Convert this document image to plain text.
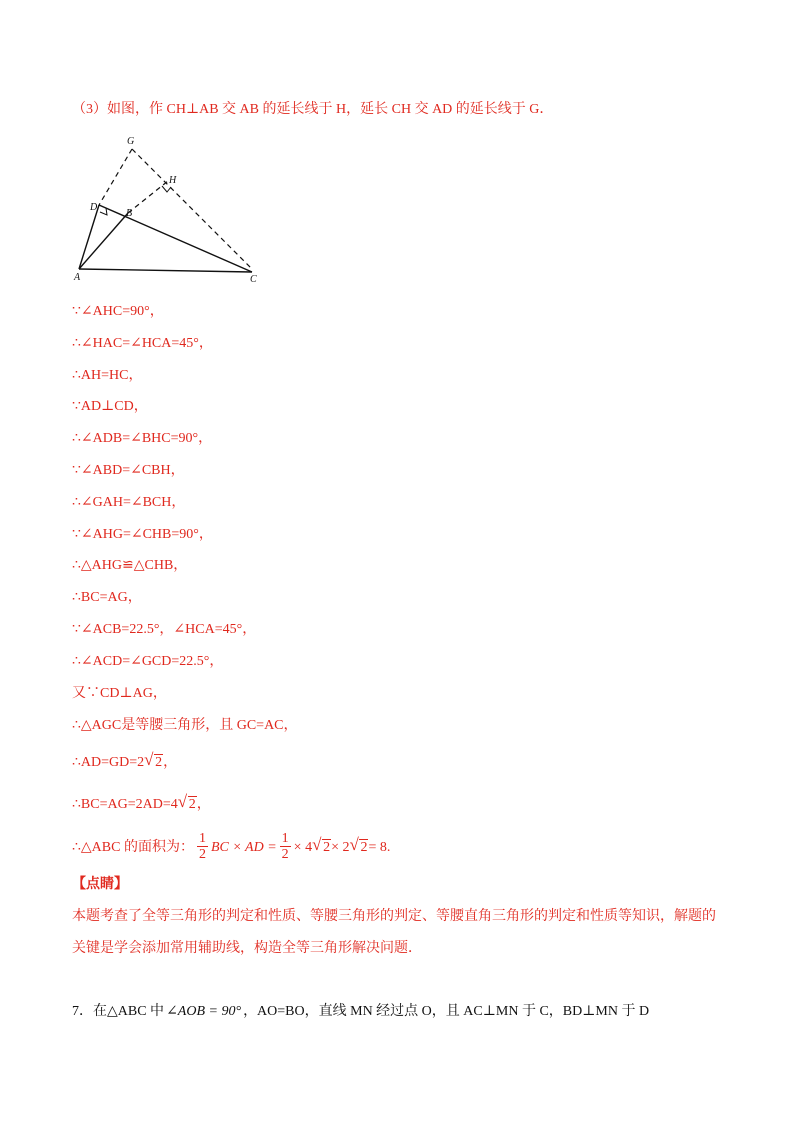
（3）如图，作 CH⊥AB 交 AB 的延长线于 H，延长 CH 交 AD 的延长线于 G．
G
H
D
B
A	C
∵∠AHC=90°，
∴∠HAC=∠HCA=45°，
∴AH=HC，
∵AD⊥CD，
∴∠ADB=∠BHC=90°，
∵∠ABD=∠CBH，
∴∠GAH=∠BCH，
∵∠AHG=∠CHB=90°，
∴△AHG≌△CHB，
∴BC=AG，
∵∠ACB=22.5°，∠HCA=45°，
∴∠ACD=∠GCD=22.5°，
又∵CD⊥AG，
∴△AGC是等腰三角形，且 GC=AC，
∴AD=GD=2√ 2，
∴BC=AG=2AD=4√ 2，
∴△ABC 的面积为： $\frac{1}{2}$ BC × AD = $\frac{1}{2} \times 4√$ 2× 2√ 2= 8.
【点睛】
本题考查了全等三角形的判定和性质、等腰三角形的判定、等腰直角三角形的判定和性质等知识，解题的
关键是学会添加常用辅助线，构造全等三角形解决问题．
7．在△ABC 中 ∠AOB = 90° ，AO=BO，直线 MN 经过点 O，且 AC⊥MN 于 C，BD⊥MN 于 D
